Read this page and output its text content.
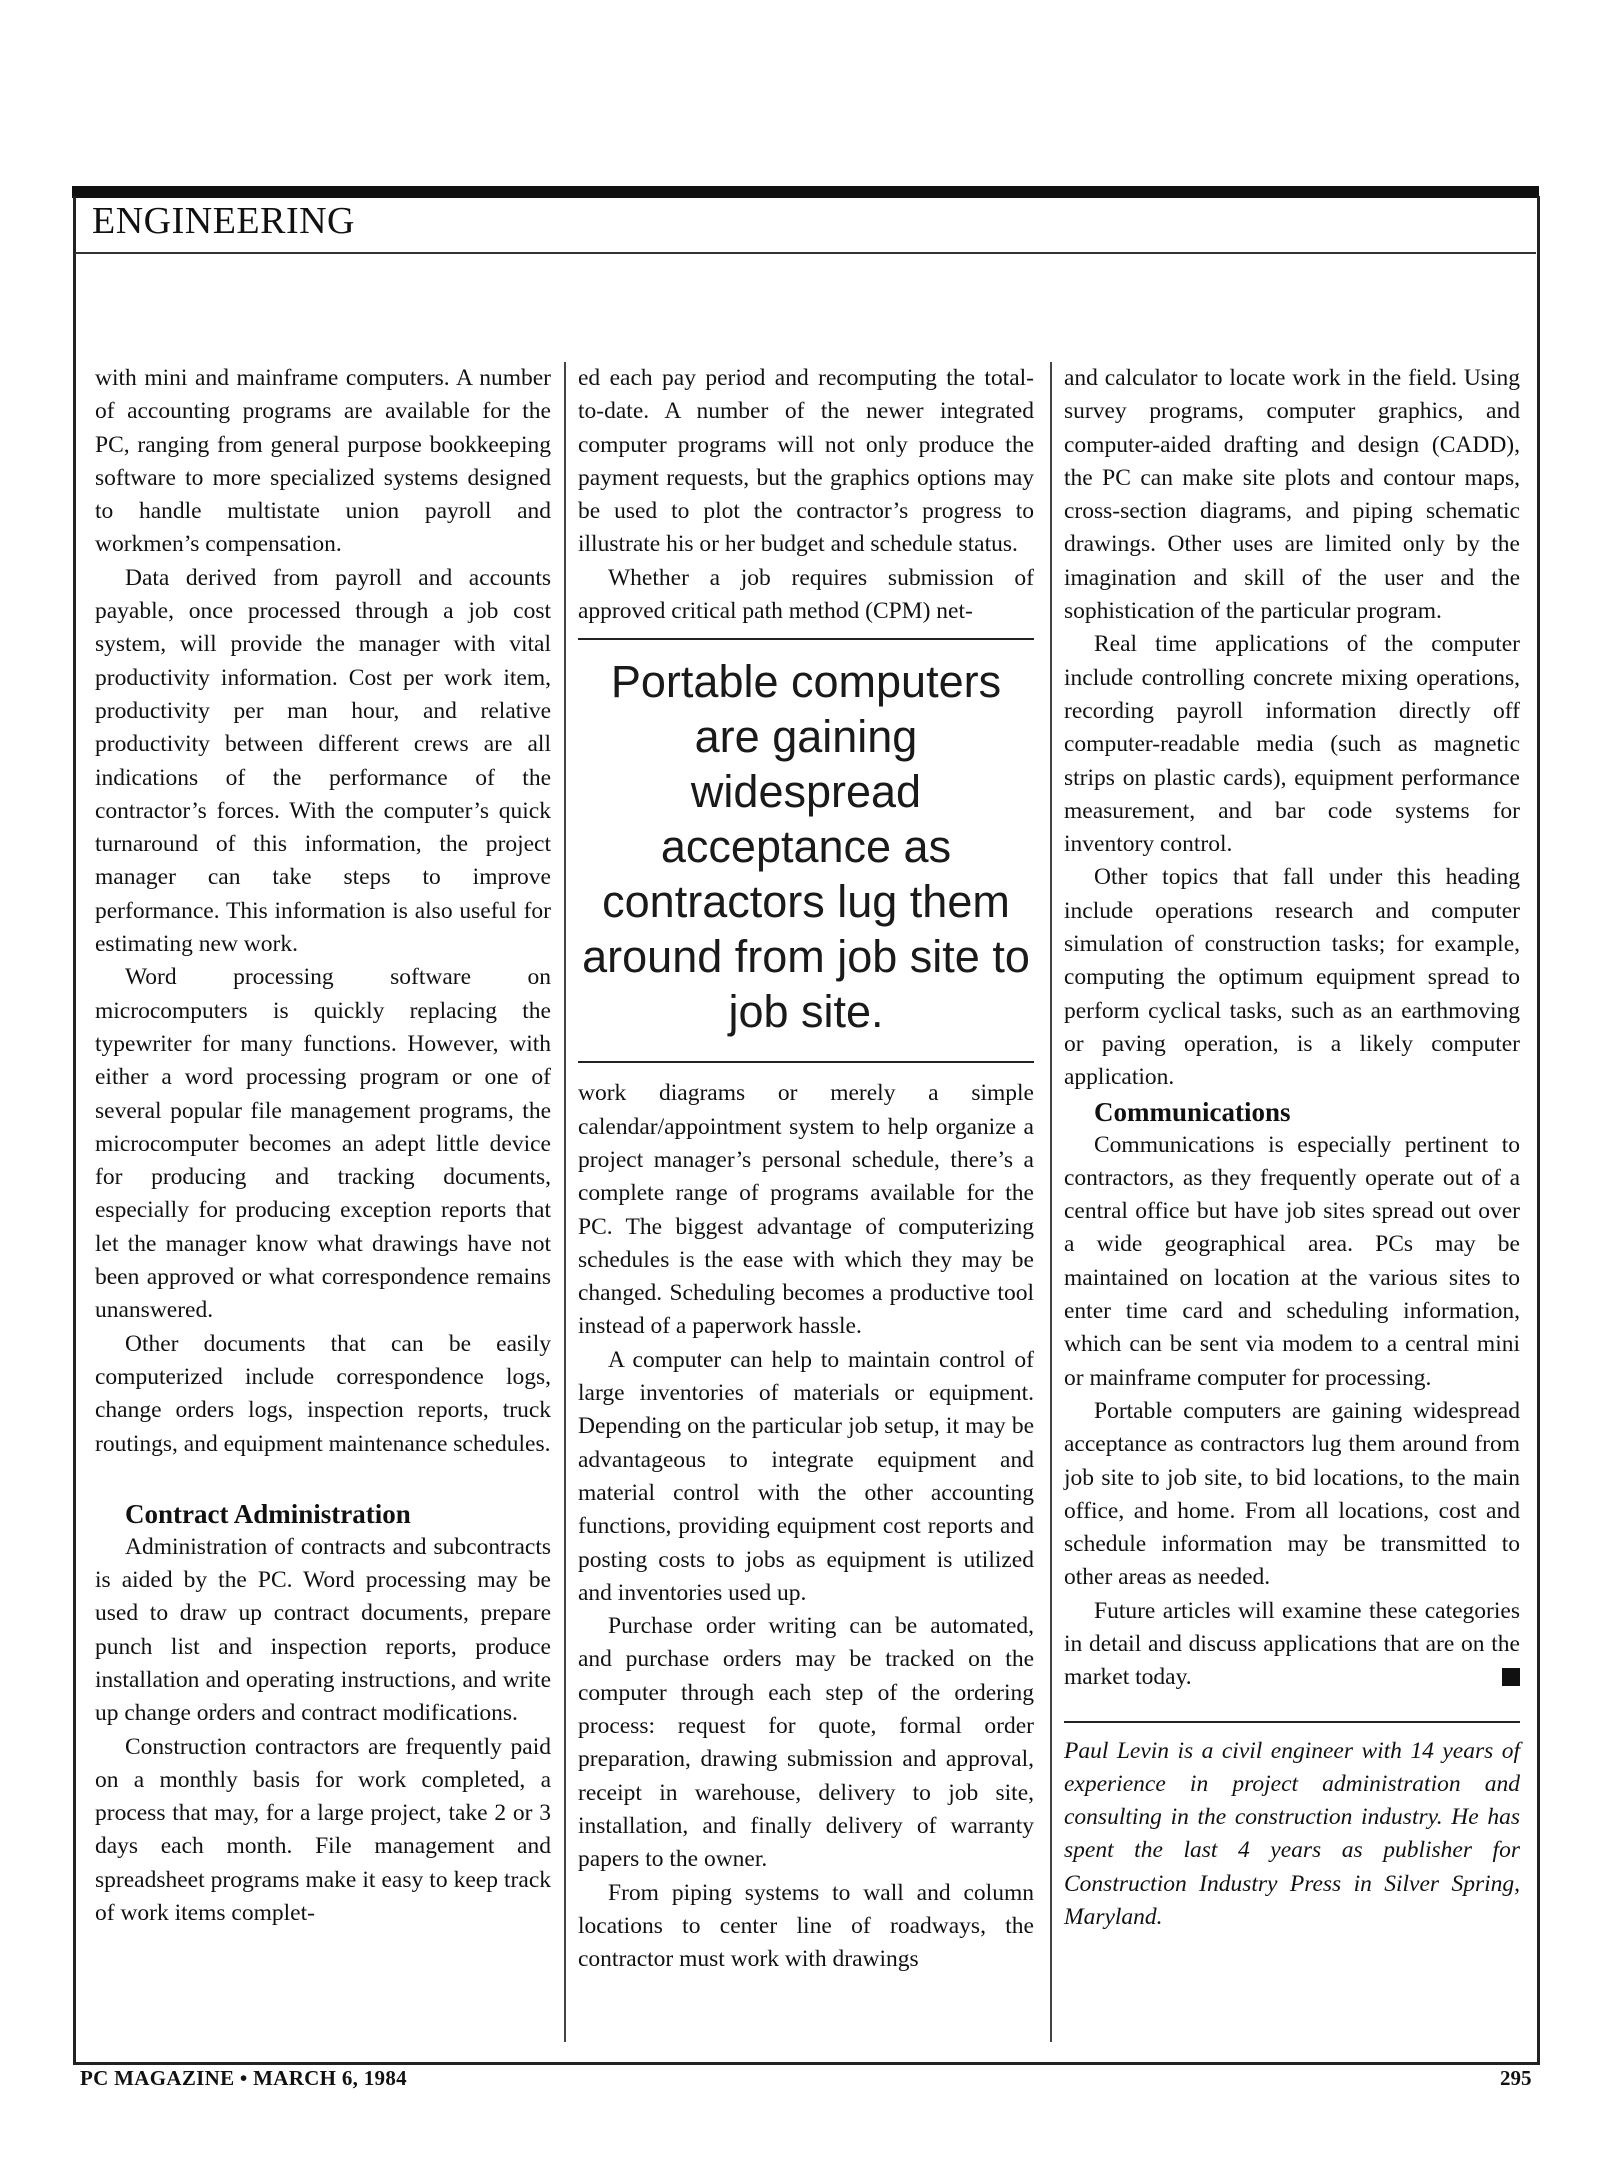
ENGINEERING

with mini and mainframe computers. A number of accounting programs are available for the PC, ranging from general purpose bookkeeping software to more specialized systems designed to handle multistate union payroll and workmen’s compensation.

Data derived from payroll and accounts payable, once processed through a job cost system, will provide the manager with vital productivity information. Cost per work item, productivity per man hour, and relative productivity between different crews are all indications of the performance of the contractor’s forces. With the computer’s quick turnaround of this information, the project manager can take steps to improve performance. This information is also useful for estimating new work.

Word processing software on microcomputers is quickly replacing the typewriter for many functions. However, with either a word processing program or one of several popular file management programs, the microcomputer becomes an adept little device for producing and tracking documents, especially for producing exception reports that let the manager know what drawings have not been approved or what correspondence remains unanswered.

Other documents that can be easily computerized include correspondence logs, change orders logs, inspection reports, truck routings, and equipment maintenance schedules.

Contract Administration

Administration of contracts and subcontracts is aided by the PC. Word processing may be used to draw up contract documents, prepare punch list and inspection reports, produce installation and operating instructions, and write up change orders and contract modifications.

Construction contractors are frequently paid on a monthly basis for work completed, a process that may, for a large project, take 2 or 3 days each month. File management and spreadsheet programs make it easy to keep track of work items complet-

ed each pay period and recomputing the total-to-date. A number of the newer integrated computer programs will not only produce the payment requests, but the graphics options may be used to plot the contractor’s progress to illustrate his or her budget and schedule status.

Whether a job requires submission of approved critical path method (CPM) net-

Portable computers are gaining widespread acceptance as contractors lug them around from job site to job site.

work diagrams or merely a simple calendar/appointment system to help organize a project manager’s personal schedule, there’s a complete range of programs available for the PC. The biggest advantage of computerizing schedules is the ease with which they may be changed. Scheduling becomes a productive tool instead of a paperwork hassle.

A computer can help to maintain control of large inventories of materials or equipment. Depending on the particular job setup, it may be advantageous to integrate equipment and material control with the other accounting functions, providing equipment cost reports and posting costs to jobs as equipment is utilized and inventories used up.

Purchase order writing can be automated, and purchase orders may be tracked on the computer through each step of the ordering process: request for quote, formal order preparation, drawing submission and approval, receipt in warehouse, delivery to job site, installation, and finally delivery of warranty papers to the owner.

From piping systems to wall and column locations to center line of roadways, the contractor must work with drawings

and calculator to locate work in the field. Using survey programs, computer graphics, and computer-aided drafting and design (CADD), the PC can make site plots and contour maps, cross-section diagrams, and piping schematic drawings. Other uses are limited only by the imagination and skill of the user and the sophistication of the particular program.

Real time applications of the computer include controlling concrete mixing operations, recording payroll information directly off computer-readable media (such as magnetic strips on plastic cards), equipment performance measurement, and bar code systems for inventory control.

Other topics that fall under this heading include operations research and computer simulation of construction tasks; for example, computing the optimum equipment spread to perform cyclical tasks, such as an earthmoving or paving operation, is a likely computer application.

Communications

Communications is especially pertinent to contractors, as they frequently operate out of a central office but have job sites spread out over a wide geographical area. PCs may be maintained on location at the various sites to enter time card and scheduling information, which can be sent via modem to a central mini or mainframe computer for processing.

Portable computers are gaining widespread acceptance as contractors lug them around from job site to job site, to bid locations, to the main office, and home. From all locations, cost and schedule information may be transmitted to other areas as needed.

Future articles will examine these categories in detail and discuss applications that are on the market today.

Paul Levin is a civil engineer with 14 years of experience in project administration and consulting in the construction industry. He has spent the last 4 years as publisher for Construction Industry Press in Silver Spring, Maryland.

PC MAGAZINE • MARCH 6, 1984	295
